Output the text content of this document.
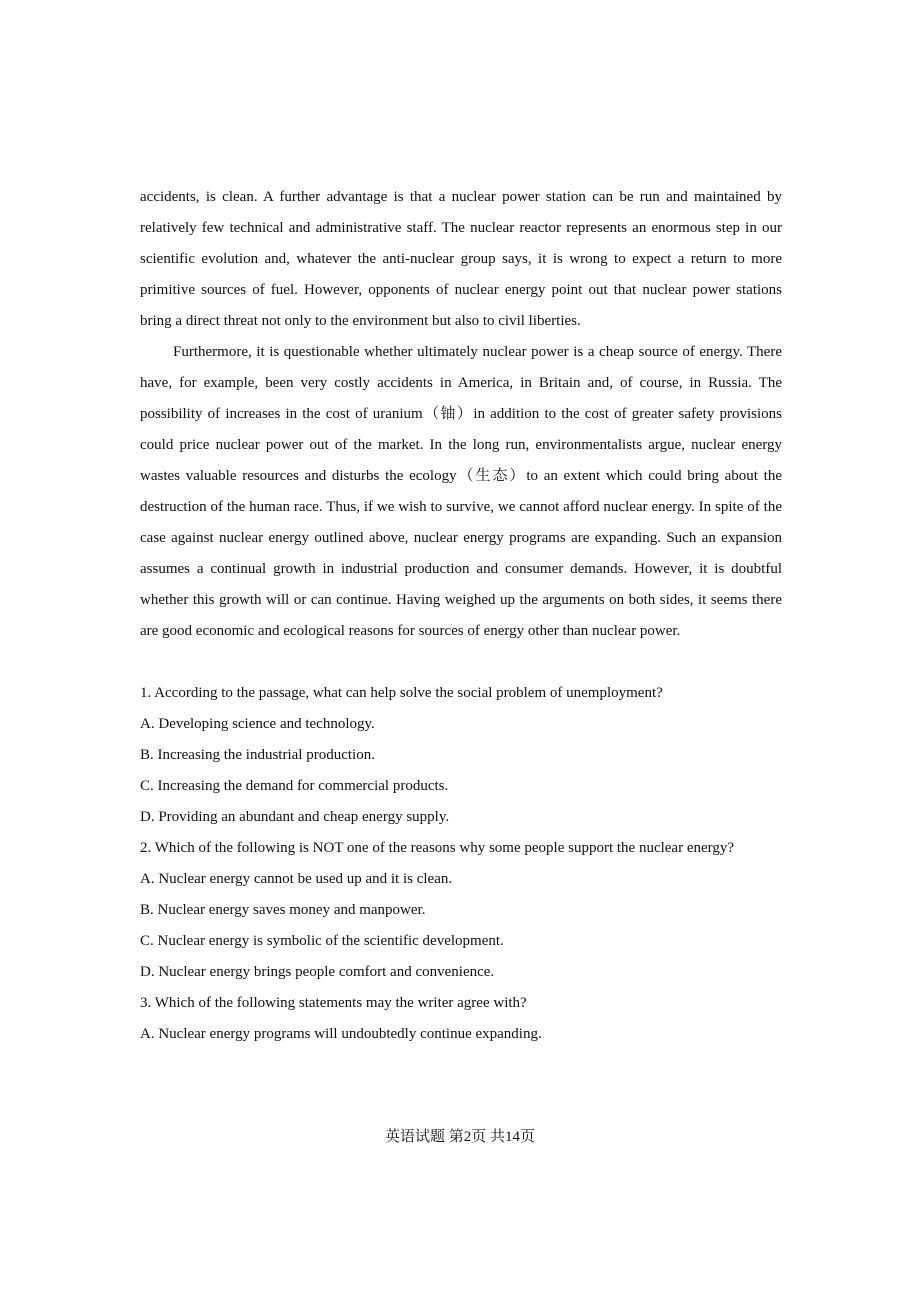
accidents, is clean. A further advantage is that a nuclear power station can be run and maintained by relatively few technical and administrative staff. The nuclear reactor represents an enormous step in our scientific evolution and, whatever the anti-nuclear group says, it is wrong to expect a return to more primitive sources of fuel. However, opponents of nuclear energy point out that nuclear power stations bring a direct threat not only to the environment but also to civil liberties.

Furthermore, it is questionable whether ultimately nuclear power is a cheap source of energy. There have, for example, been very costly accidents in America, in Britain and, of course, in Russia. The possibility of increases in the cost of uranium（铀）in addition to the cost of greater safety provisions could price nuclear power out of the market. In the long run, environmentalists argue, nuclear energy wastes valuable resources and disturbs the ecology（生态）to an extent which could bring about the destruction of the human race. Thus, if we wish to survive, we cannot afford nuclear energy. In spite of the case against nuclear energy outlined above, nuclear energy programs are expanding. Such an expansion assumes a continual growth in industrial production and consumer demands. However, it is doubtful whether this growth will or can continue. Having weighed up the arguments on both sides, it seems there are good economic and ecological reasons for sources of energy other than nuclear power.

1. According to the passage, what can help solve the social problem of unemployment?

A. Developing science and technology.

B. Increasing the industrial production.

C. Increasing the demand for commercial products.

D. Providing an abundant and cheap energy supply.

2. Which of the following is NOT one of the reasons why some people support the nuclear energy?

A. Nuclear energy cannot be used up and it is clean.

B. Nuclear energy saves money and manpower.

C. Nuclear energy is symbolic of the scientific development.

D. Nuclear energy brings people comfort and convenience.

3. Which of the following statements may the writer agree with?

A. Nuclear energy programs will undoubtedly continue expanding.

英语试题 第2页 共14页
